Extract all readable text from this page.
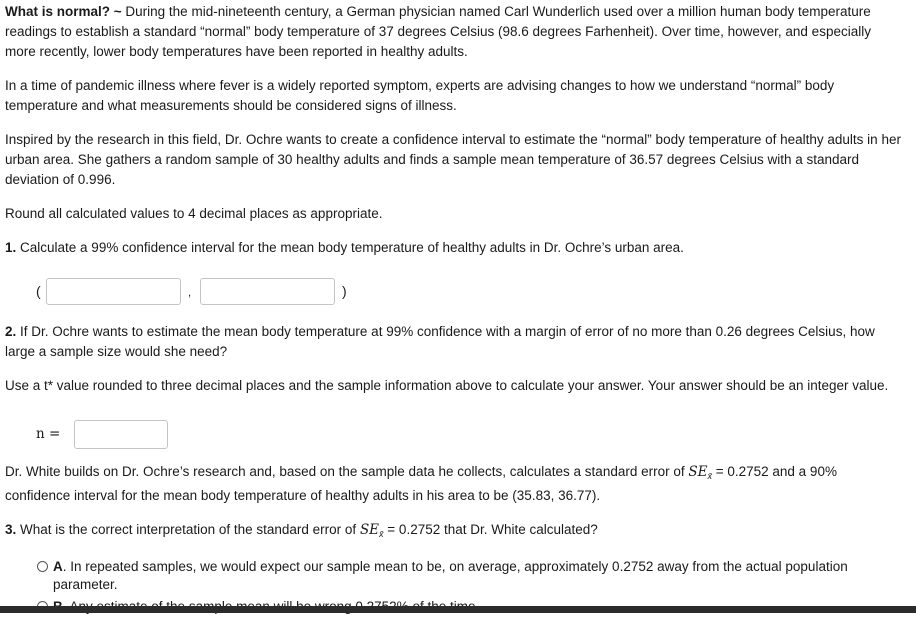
What is normal? ~ During the mid-nineteenth century, a German physician named Carl Wunderlich used over a million human body temperature readings to establish a standard “normal” body temperature of 37 degrees Celsius (98.6 degrees Farhenheit). Over time, however, and especially more recently, lower body temperatures have been reported in healthy adults.

In a time of pandemic illness where fever is a widely reported symptom, experts are advising changes to how we understand “normal” body temperature and what measurements should be considered signs of illness.

Inspired by the research in this field, Dr. Ochre wants to create a confidence interval to estimate the “normal” body temperature of healthy adults in her urban area. She gathers a random sample of 30 healthy adults and finds a sample mean temperature of 36.57 degrees Celsius with a standard deviation of 0.996.

Round all calculated values to 4 decimal places as appropriate.

1. Calculate a 99% confidence interval for the mean body temperature of healthy adults in Dr. Ochre’s urban area.

(	,	)

2. If Dr. Ochre wants to estimate the mean body temperature at 99% confidence with a margin of error of no more than 0.26 degrees Celsius, how large a sample size would she need?

Use a t* value rounded to three decimal places and the sample information above to calculate your answer. Your answer should be an integer value.

n =

Dr. White builds on Dr. Ochre’s research and, based on the sample data he collects, calculates a standard error of $SE_{x̄} = 0.2752$ and a 90% confidence interval for the mean body temperature of healthy adults in his area to be (35.83, 36.77).

3. What is the correct interpretation of the standard error of $SE_{x̄} = 0.2752$ that Dr. White calculated?

A. In repeated samples, we would expect our sample mean to be, on average, approximately 0.2752 away from the actual population parameter.
